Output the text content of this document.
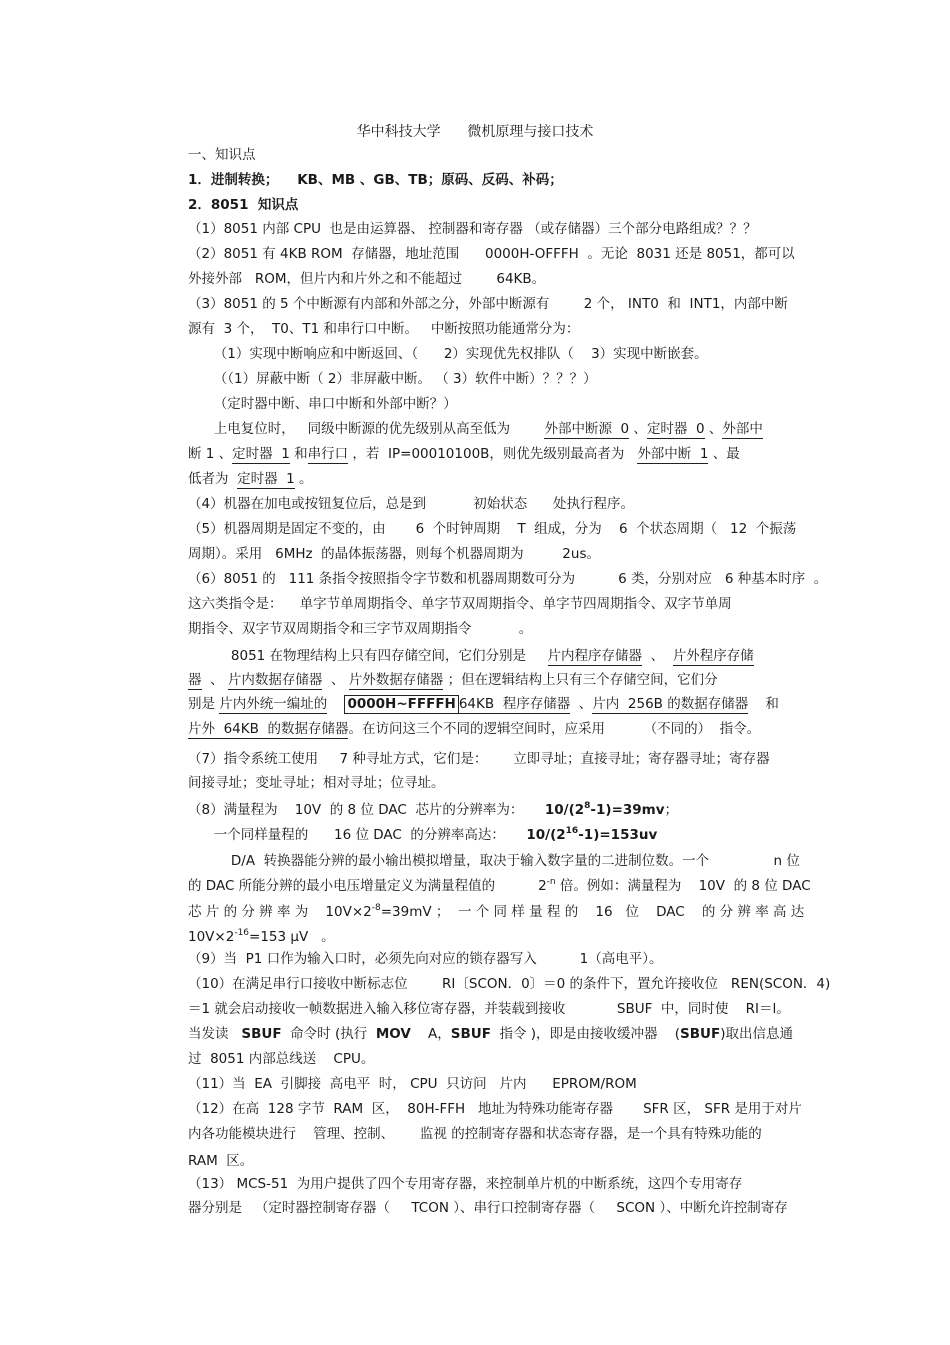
华中科技大学      微机原理与接口技术
一、知识点
1．进制转换；    KB、MB 、GB、TB；原码、反码、补码；
2．8051  知识点
（1）8051 内部 CPU  也是由运算器、 控制器和寄存器 （或存储器）三个部分电路组成？？？
（2）8051 有 4KB ROM  存储器，地址范围      0000H-OFFFH  。无论  8031 还是 8051，都可以
外接外部   ROM，但片内和片外之和不能超过        64KB。
（3）8051 的 5 个中断源有内部和外部之分，外部中断源有        2 个， INT0  和  INT1，内部中断
源有  3 个，  T0、T1 和串行口中断。   中断按照功能通常分为：
（1）实现中断响应和中断返回、（      2）实现优先权排队（    3）实现中断嵌套。
（（1）屏蔽中断（ 2）非屏蔽中断。 （ 3）软件中断）？？？）
（定时器中断、串口中断和外部中断？）
上电复位时，   同级中断源的优先级别从高至低为	外部中断源  0 、定时器  0 、外部中
断 1 、定时器  1 和串行口 ，若  IP=00010100B，则优先级别最高者为 外部中断  1 、最
低者为 定时器  1 。
（4）机器在加电或按钮复位后，总是到           初始状态      处执行程序。
（5）机器周期是固定不变的，由       6  个时钟周期    T  组成，分为    6  个状态周期（   12  个振荡
周期）。采用   6MHz  的晶体振荡器，则每个机器周期为         2us。
（6）8051 的   111 条指令按照指令字节数和机器周期数可分为          6 类，分别对应   6 种基本时序  。
这六类指令是：    单字节单周期指令、单字节双周期指令、单字节四周期指令、双字节单周
期指令、双字节双周期指令和三字节双周期指令           。
8051 在物理结构上只有四存储空间，它们分别是 片内程序存储器  、 片外程序存储
器  、 片内数据存储器  、 片外数据存储器 ；但在逻辑结构上只有三个存储空间，它们分
别是 片内外统一编址的 0000H~FFFFH 64KB  程序存储器  、片内  256B 的数据存储器    和
片外  64KB  的数据存储器。在访问这三个不同的逻辑空间时，应采用         （不同的）  指令。
（7）指令系统工使用     7 种寻址方式，它们是：      立即寻址；直接寻址；寄存器寻址；寄存器
间接寻址；变址寻址；相对寻址；位寻址。
（8）满量程为    10V  的 8 位 DAC  芯片的分辨率为： $10/(2^8-1)=39mv$；
一个同样量程的      16 位 DAC  的分辨率高达： $10/(2^{16}-1)=153uv$
D/A  转换器能分辨的最小输出模拟增量，取决于输入数字量的二进制位数。一个               n 位
的 DAC 所能分辨的最小电压增量定义为满量程值的          $2^{-n}$ 倍。例如：满量程为    10V  的 8 位 DAC
芯 片 的 分 辨 率 为    $10V\times 2^{-8}=39mV$ ；  一 个 同 样 量 程 的    16   位    DAC    的 分 辨 率 高 达
$10V\times 2^{-16}=153$ μV   。
（9）当  P1 口作为输入口时，必须先向对应的锁存器写入          1（高电平）。
（10）在满足串行口接收中断标志位        RI〔SCON．0〕＝0 的条件下，置允许接收位   REN(SCON．4)
＝1 就会启动接收一帧数据进入输入移位寄存器，并装载到接收            SBUF  中，同时使    RI＝l。
当发读   SBUF  命令时 (执行  MOV    A，SBUF  指令 )，即是由接收缓冲器    (SBUF)取出信息通
过  8051 内部总线送    CPU。
（11）当  EA  引脚接  高电平  时， CPU  只访问   片内      EPROM/ROM
（12）在高  128 字节  RAM  区，  80H-FFH   地址为特殊功能寄存器       SFR 区， SFR 是用于对片
内各功能模块进行    管理、控制、      监视 的控制寄存器和状态寄存器，是一个具有特殊功能的
RAM  区。
（13） MCS-51  为用户提供了四个专用寄存器，来控制单片机的中断系统，这四个专用寄存
器分别是   （定时器控制寄存器（     TCON ）、串行口控制寄存器（     SCON ）、中断允许控制寄存
